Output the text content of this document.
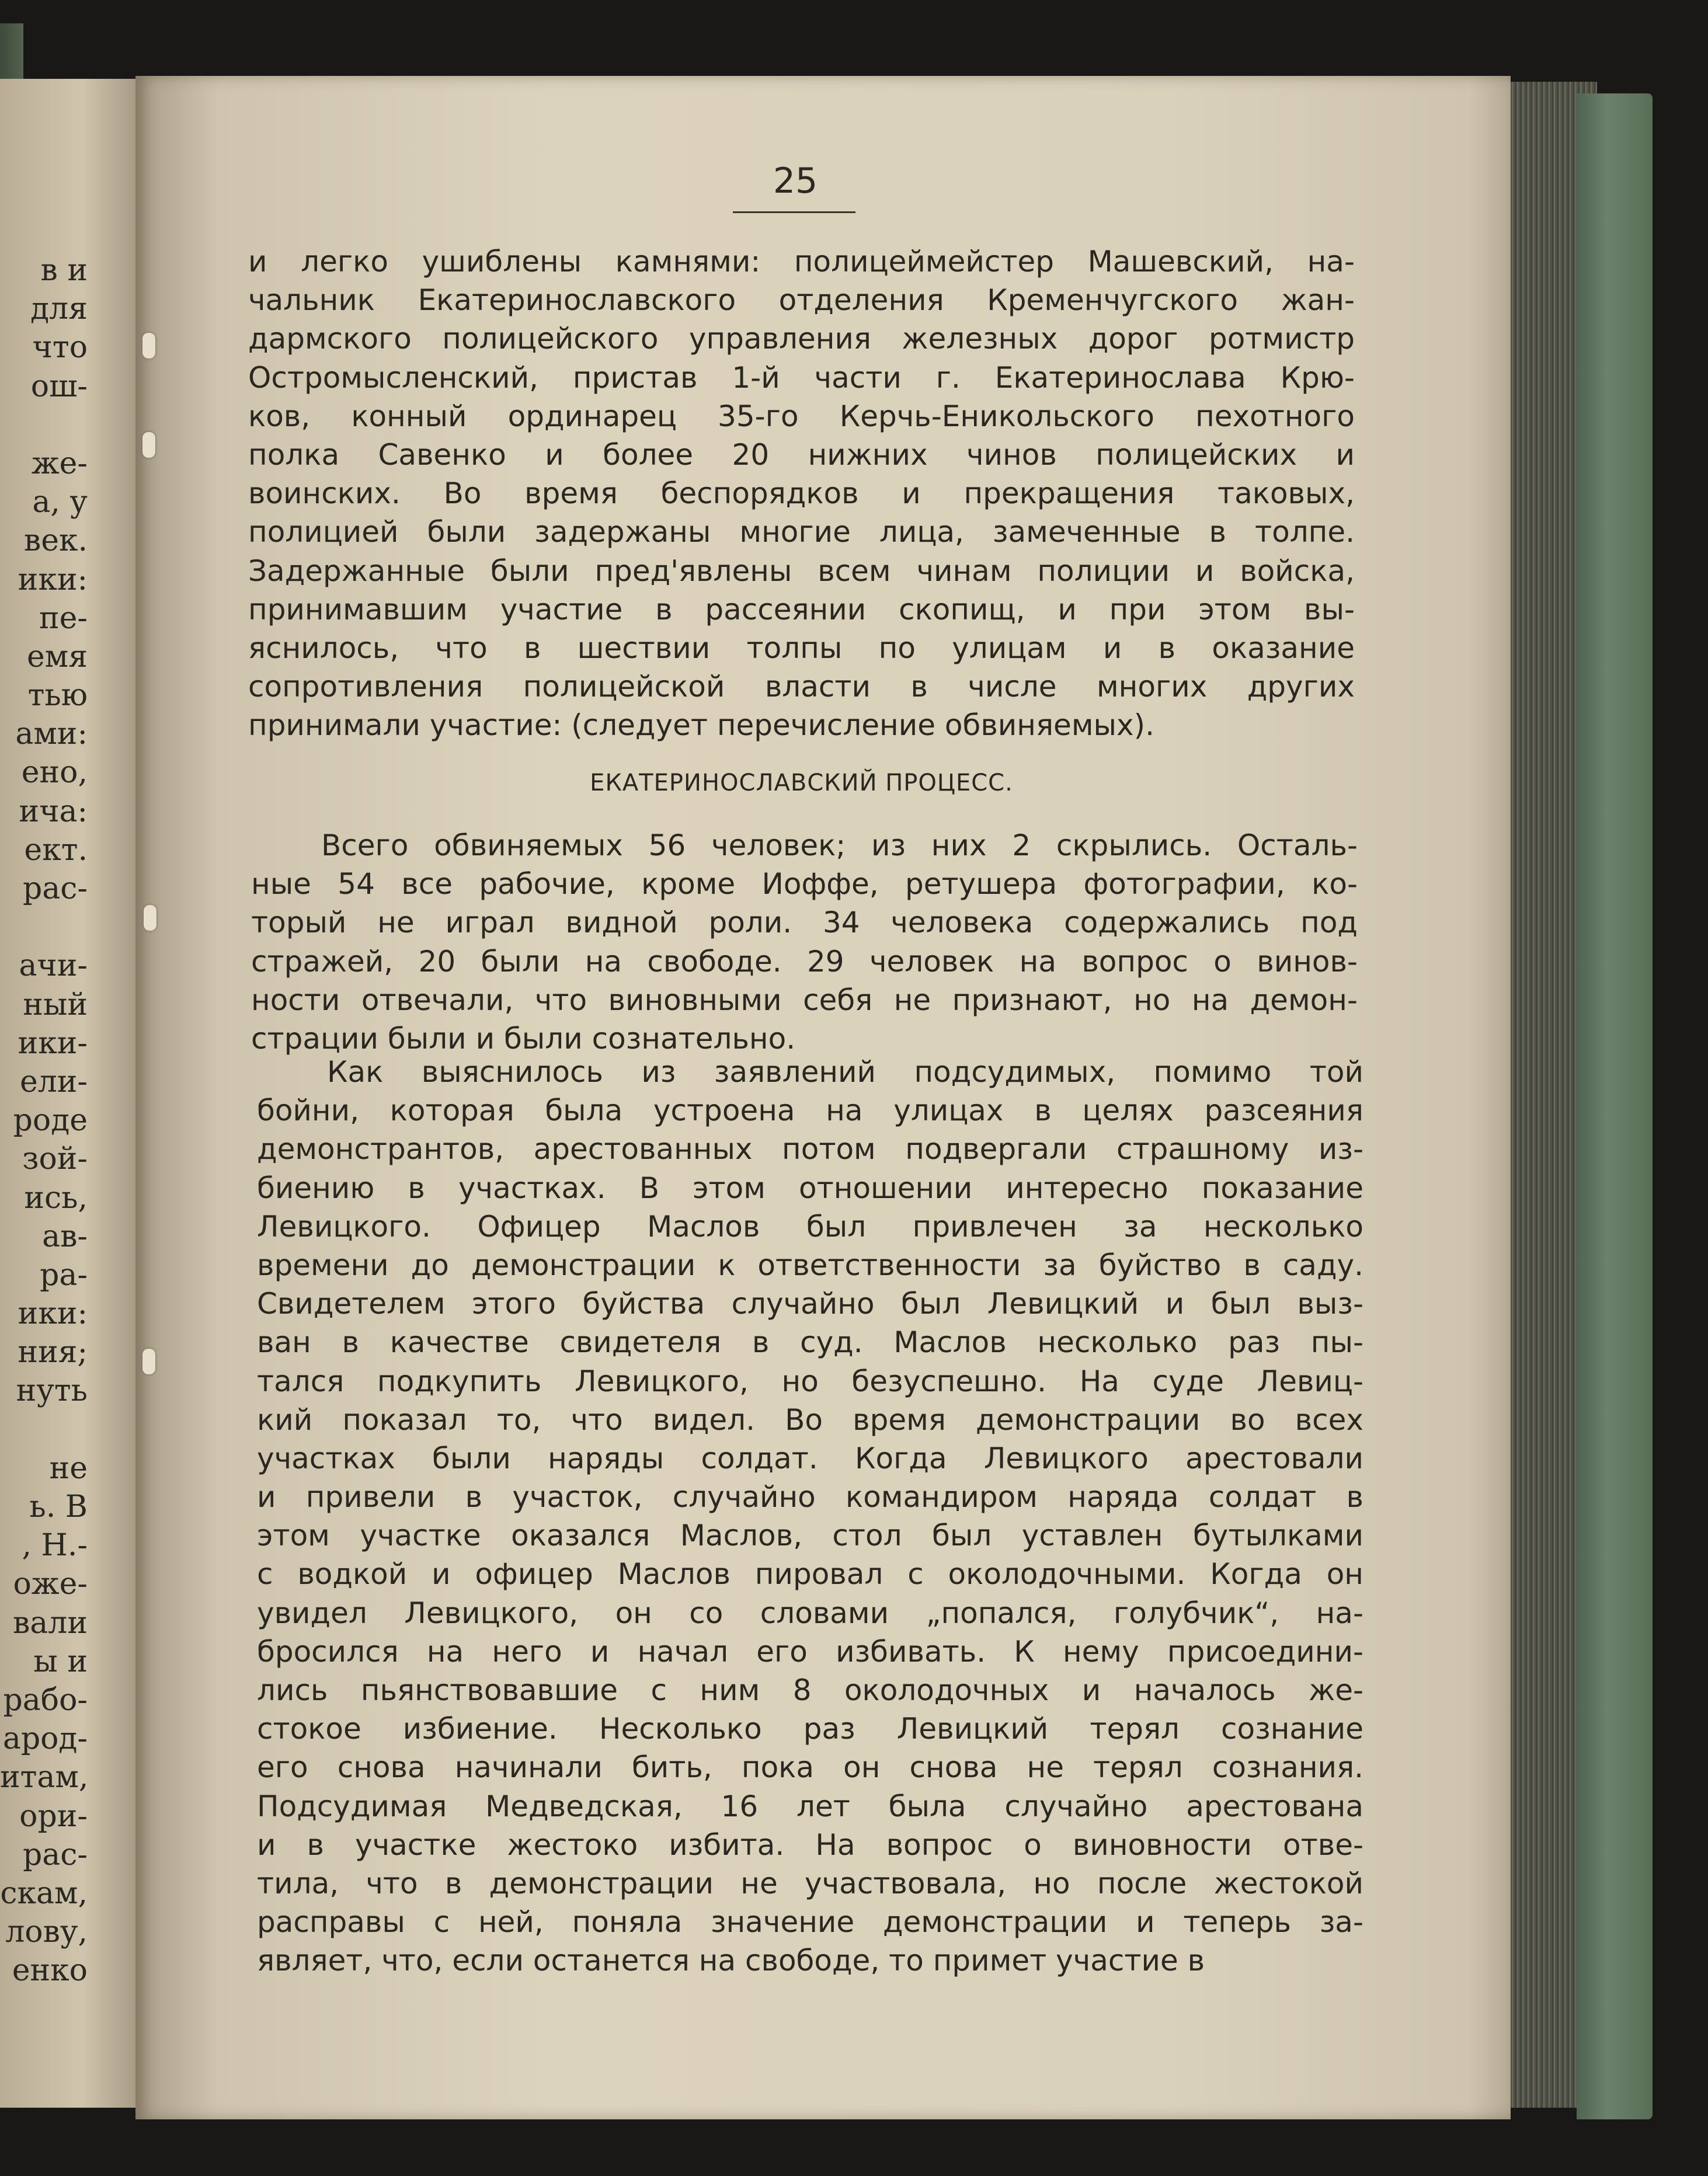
в и
для
что
ош-
же-
а, у
век.
ики:
пе-
емя
тью
ами:
ено,
ича:
ект.
рас-
ачи-
ный
ики-
ели-
роде
зой-
ись,
ав-
ра-
ики:
ния;
нуть
не
ь. В
, Н.-
оже-
вали
ы и
рабо-
арод-
итам,
ори-
рас-
скам,
лову,
енко
25
и легко ушиблены камнями: полицеймейстер Машевский, на-
чальник Екатеринославского отделения Кременчугского жан-
дармского полицейского управления железных дорог ротмистр
Остромысленский, пристав 1-й части г. Екатеринослава Крю-
ков, конный ординарец 35-го Керчь-Еникольского пехотного
полка Савенко и более 20 нижних чинов полицейских и
воинских. Во время беспорядков и прекращения таковых,
полицией были задержаны многие лица, замеченные в толпе.
Задержанные были пред'явлены всем чинам полиции и войска,
принимавшим участие в рассеянии скопищ, и при этом вы-
яснилось, что в шествии толпы по улицам и в оказание
сопротивления полицейской власти в числе многих других
принимали участие: (следует перечисление обвиняемых).
ЕКАТЕРИНОСЛАВСКИЙ ПРОЦЕСС.
Всего обвиняемых 56 человек; из них 2 скрылись. Осталь-
ные 54 все рабочие, кроме Иоффе, ретушера фотографии, ко-
торый не играл видной роли. 34 человека содержались под
стражей, 20 были на свободе. 29 человек на вопрос о винов-
ности отвечали, что виновными себя не признают, но на демон-
страции были и были сознательно.
Как выяснилось из заявлений подсудимых, помимо той
бойни, которая была устроена на улицах в целях разсеяния
демонстрантов, арестованных потом подвергали страшному из-
биению в участках. В этом отношении интересно показание
Левицкого. Офицер Маслов был привлечен за несколько
времени до демонстрации к ответственности за буйство в саду.
Свидетелем этого буйства случайно был Левицкий и был выз-
ван в качестве свидетеля в суд. Маслов несколько раз пы-
тался подкупить Левицкого, но безуспешно. На суде Левиц-
кий показал то, что видел. Во время демонстрации во всех
участках были наряды солдат. Когда Левицкого арестовали
и привели в участок, случайно командиром наряда солдат в
этом участке оказался Маслов, стол был уставлен бутылками
с водкой и офицер Маслов пировал с околодочными. Когда он
увидел Левицкого, он со словами „попался, голубчик“, на-
бросился на него и начал его избивать. К нему присоедини-
лись пьянствовавшие с ним 8 околодочных и началось же-
стокое избиение. Несколько раз Левицкий терял сознание
его снова начинали бить, пока он снова не терял сознания.
Подсудимая Медведская, 16 лет была случайно арестована
и в участке жестоко избита. На вопрос о виновности отве-
тила, что в демонстрации не участвовала, но после жестокой
расправы с ней, поняла значение демонстрации и теперь за-
являет, что, если останется на свободе, то примет участие в
